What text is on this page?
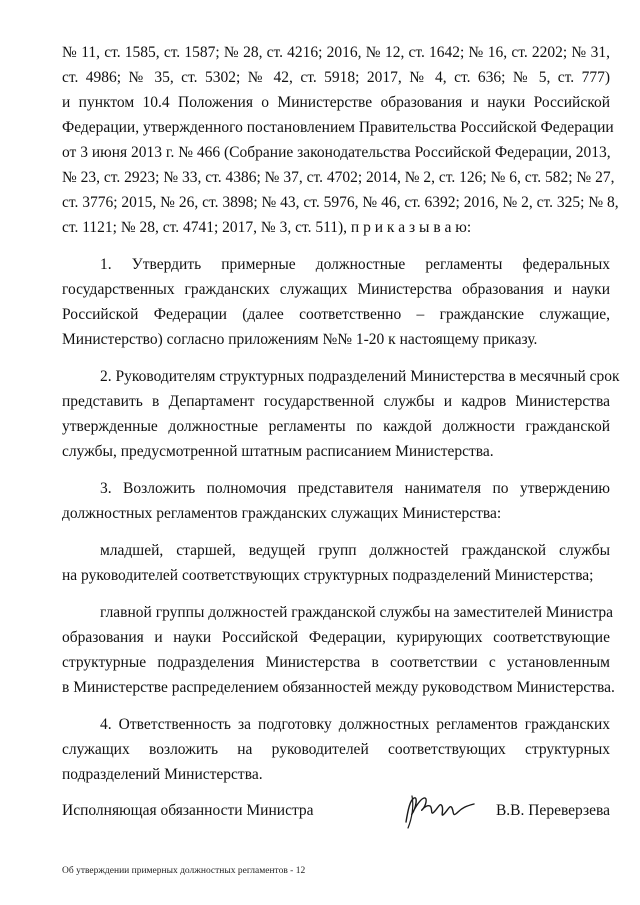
№ 11, ст. 1585, ст. 1587; № 28, ст. 4216; 2016, № 12, ст. 1642; № 16, ст. 2202; № 31,

ст. 4986; № 35, ст. 5302; № 42, ст. 5918; 2017, № 4, ст. 636; № 5, ст. 777)

и пунктом 10.4 Положения о Министерстве образования и науки Российской

Федерации, утвержденного постановлением Правительства Российской Федерации

от 3 июня 2013 г. № 466 (Собрание законодательства Российской Федерации, 2013,

№ 23, ст. 2923; № 33, ст. 4386; № 37, ст. 4702; 2014, № 2, ст. 126; № 6, ст. 582; № 27,

ст. 3776; 2015, № 26, ст. 3898; № 43, ст. 5976, № 46, ст. 6392; 2016, № 2, ст. 325; № 8,

ст. 1121; № 28, ст. 4741; 2017, № 3, ст. 511), п р и к а з ы в а ю:

1. Утвердить примерные должностные регламенты федеральных

государственных гражданских служащих Министерства образования и науки

Российской Федерации (далее соответственно – гражданские служащие,

Министерство) согласно приложениям №№ 1-20 к настоящему приказу.

2. Руководителям структурных подразделений Министерства в месячный срок

представить в Департамент государственной службы и кадров Министерства

утвержденные должностные регламенты по каждой должности гражданской

службы, предусмотренной штатным расписанием Министерства.

3. Возложить полномочия представителя нанимателя по утверждению

должностных регламентов гражданских служащих Министерства:

младшей, старшей, ведущей групп должностей гражданской службы

на руководителей соответствующих структурных подразделений Министерства;

главной группы должностей гражданской службы на заместителей Министра

образования и науки Российской Федерации, курирующих соответствующие

структурные подразделения Министерства в соответствии с установленным

в Министерстве распределением обязанностей между руководством Министерства.

4. Ответственность за подготовку должностных регламентов гражданских

служащих возложить на руководителей соответствующих структурных

подразделений Министерства.

Исполняющая обязанности Министра	В.В. Переверзева
Об утверждении примерных должностных регламентов - 12
